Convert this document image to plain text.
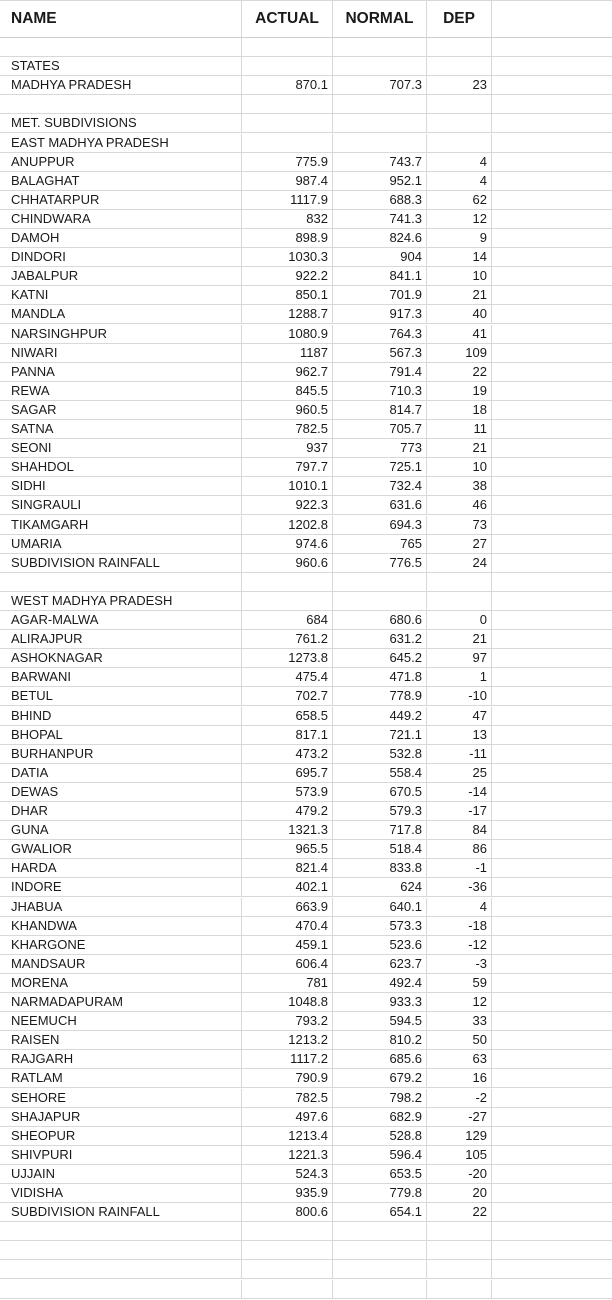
NAME	ACTUAL	NORMAL	DEP
STATES
MADHYA PRADESH	870.1	707.3	23
MET. SUBDIVISIONS
EAST MADHYA PRADESH
ANUPPUR	775.9	743.7	4
BALAGHAT	987.4	952.1	4
CHHATARPUR	1117.9	688.3	62
CHINDWARA	832	741.3	12
DAMOH	898.9	824.6	9
DINDORI	1030.3	904	14
JABALPUR	922.2	841.1	10
KATNI	850.1	701.9	21
MANDLA	1288.7	917.3	40
NARSINGHPUR	1080.9	764.3	41
NIWARI	1187	567.3	109
PANNA	962.7	791.4	22
REWA	845.5	710.3	19
SAGAR	960.5	814.7	18
SATNA	782.5	705.7	11
SEONI	937	773	21
SHAHDOL	797.7	725.1	10
SIDHI	1010.1	732.4	38
SINGRAULI	922.3	631.6	46
TIKAMGARH	1202.8	694.3	73
UMARIA	974.6	765	27
SUBDIVISION RAINFALL	960.6	776.5	24
WEST MADHYA PRADESH
AGAR-MALWA	684	680.6	0
ALIRAJPUR	761.2	631.2	21
ASHOKNAGAR	1273.8	645.2	97
BARWANI	475.4	471.8	1
BETUL	702.7	778.9	-10
BHIND	658.5	449.2	47
BHOPAL	817.1	721.1	13
BURHANPUR	473.2	532.8	-11
DATIA	695.7	558.4	25
DEWAS	573.9	670.5	-14
DHAR	479.2	579.3	-17
GUNA	1321.3	717.8	84
GWALIOR	965.5	518.4	86
HARDA	821.4	833.8	-1
INDORE	402.1	624	-36
JHABUA	663.9	640.1	4
KHANDWA	470.4	573.3	-18
KHARGONE	459.1	523.6	-12
MANDSAUR	606.4	623.7	-3
MORENA	781	492.4	59
NARMADAPURAM	1048.8	933.3	12
NEEMUCH	793.2	594.5	33
RAISEN	1213.2	810.2	50
RAJGARH	1117.2	685.6	63
RATLAM	790.9	679.2	16
SEHORE	782.5	798.2	-2
SHAJAPUR	497.6	682.9	-27
SHEOPUR	1213.4	528.8	129
SHIVPURI	1221.3	596.4	105
UJJAIN	524.3	653.5	-20
VIDISHA	935.9	779.8	20
SUBDIVISION RAINFALL	800.6	654.1	22
